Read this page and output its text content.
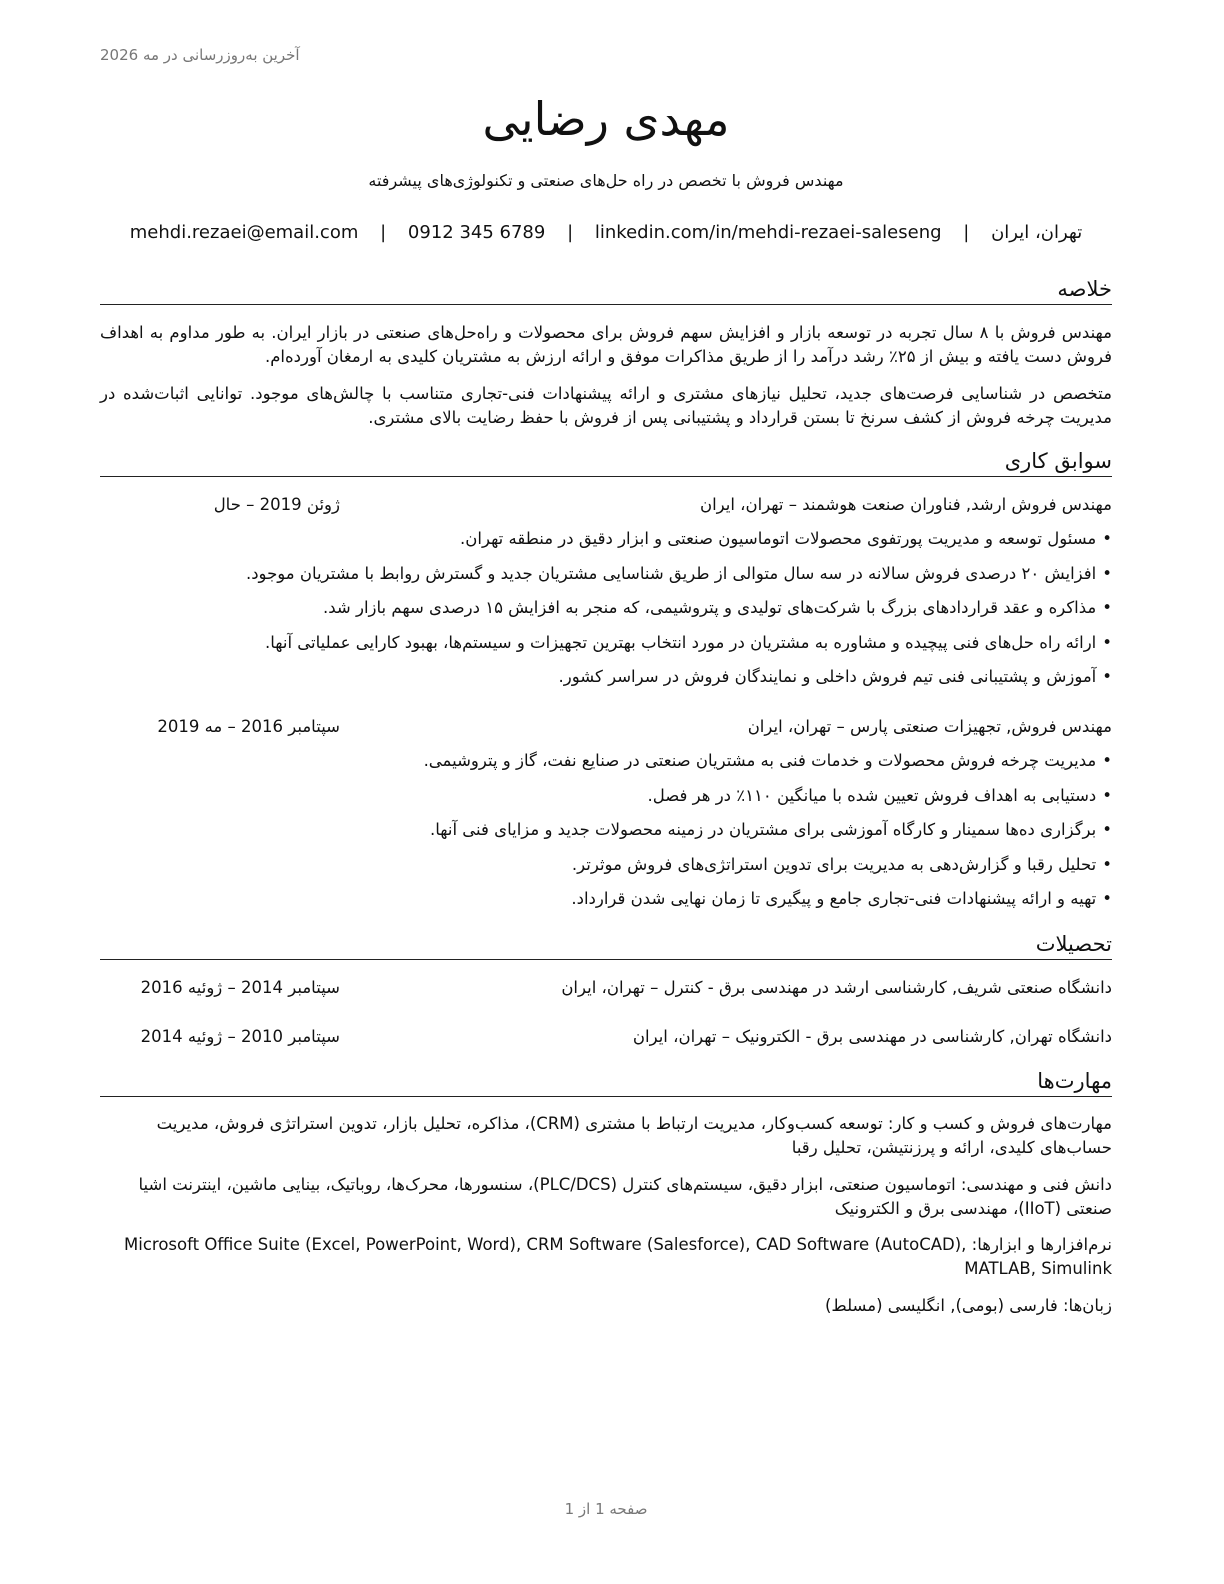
آخرین به‌روزرسانی در مه 2026
مهدی رضایی
مهندس فروش با تخصص در راه حل‌های صنعتی و تکنولوژی‌های پیشرفته
تهران، ایران | mehdi.rezaei@email.com | 0912 345 6789 | linkedin.com/in/mehdi-rezaei-saleseng
خلاصه
مهندس فروش با ۸ سال تجربه در توسعه بازار و افزایش سهم فروش برای محصولات و راه‌حل‌های صنعتی در بازار ایران. به طور مداوم به اهداف فروش دست یافته و بیش از ۲۵٪ رشد درآمد را از طریق مذاکرات موفق و ارائه ارزش به مشتریان کلیدی به ارمغان آورده‌ام.
متخصص در شناسایی فرصت‌های جدید، تحلیل نیازهای مشتری و ارائه پیشنهادات فنی-تجاری متناسب با چالش‌های موجود. توانایی اثبات‌شده در مدیریت چرخه فروش از کشف سرنخ تا بستن قرارداد و پشتیبانی پس از فروش با حفظ رضایت بالای مشتری.
سوابق کاری
مهندس فروش ارشد, فناوران صنعت هوشمند – تهران، ایران
ژوئن 2019 – حال
• مسئول توسعه و مدیریت پورتفوی محصولات اتوماسیون صنعتی و ابزار دقیق در منطقه تهران.
• افزایش ۲۰ درصدی فروش سالانه در سه سال متوالی از طریق شناسایی مشتریان جدید و گسترش روابط با مشتریان موجود.
• مذاکره و عقد قراردادهای بزرگ با شرکت‌های تولیدی و پتروشیمی، که منجر به افزایش ۱۵ درصدی سهم بازار شد.
• ارائه راه حل‌های فنی پیچیده و مشاوره به مشتریان در مورد انتخاب بهترین تجهیزات و سیستم‌ها، بهبود کارایی عملیاتی آنها.
• آموزش و پشتیبانی فنی تیم فروش داخلی و نمایندگان فروش در سراسر کشور.
مهندس فروش, تجهیزات صنعتی پارس – تهران، ایران
سپتامبر 2016 – مه 2019
• مدیریت چرخه فروش محصولات و خدمات فنی به مشتریان صنعتی در صنایع نفت، گاز و پتروشیمی.
• دستیابی به اهداف فروش تعیین شده با میانگین ۱۱۰٪ در هر فصل.
• برگزاری ده‌ها سمینار و کارگاه آموزشی برای مشتریان در زمینه محصولات جدید و مزایای فنی آنها.
• تحلیل رقبا و گزارش‌دهی به مدیریت برای تدوین استراتژی‌های فروش موثرتر.
• تهیه و ارائه پیشنهادات فنی-تجاری جامع و پیگیری تا زمان نهایی شدن قرارداد.
تحصیلات
دانشگاه صنعتی شریف, کارشناسی ارشد در مهندسی برق - کنترل – تهران، ایران
سپتامبر 2014 – ژوئیه 2016
دانشگاه تهران, کارشناسی در مهندسی برق - الکترونیک – تهران، ایران
سپتامبر 2010 – ژوئیه 2014
مهارت‌ها
مهارت‌های فروش و کسب و کار: توسعه کسب‌وکار، مدیریت ارتباط با مشتری (CRM)، مذاکره، تحلیل بازار، تدوین استراتژی فروش، مدیریت حساب‌های کلیدی، ارائه و پرزنتیشن، تحلیل رقبا
دانش فنی و مهندسی: اتوماسیون صنعتی، ابزار دقیق، سیستم‌های کنترل (PLC/DCS)، سنسورها، محرک‌ها، روباتیک، بینایی ماشین، اینترنت اشیا صنعتی (IIoT)، مهندسی برق و الکترونیک
نرم‌افزارها و ابزارها: Microsoft Office Suite (Excel, PowerPoint, Word), CRM Software (Salesforce), CAD Software (AutoCAD), MATLAB, Simulink
زبان‌ها: فارسی (بومی), انگلیسی (مسلط)
صفحه 1 از 1
